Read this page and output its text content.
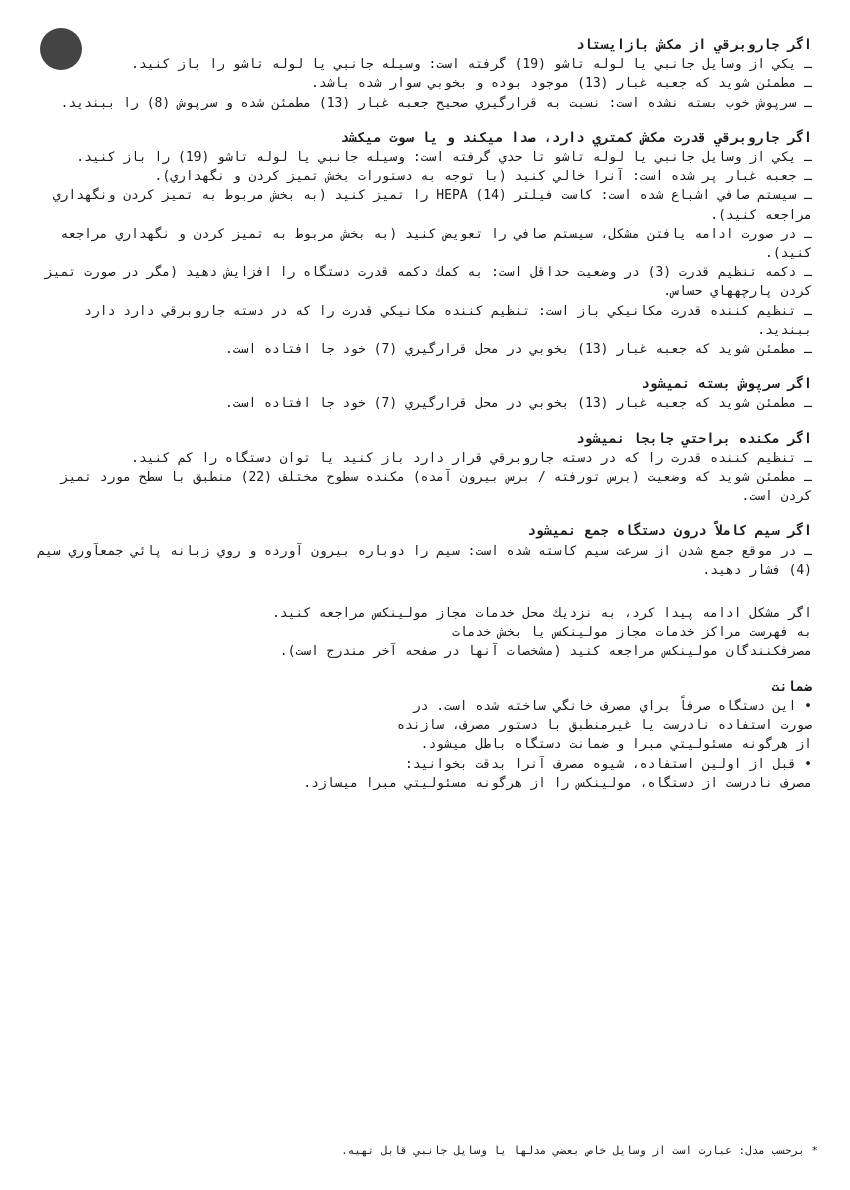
اگر جاروبرقي از مكش بازايستاد

ـ يكي از وسايل جانبي يا لوله تاشو (19) گرفته است: وسيله جانبي يا لوله تاشو را باز كنيد.

ـ مطمئن شويد كه جعبه غبار (13) موجود بوده و بخوبي سوار شده باشد.

ـ سرپوش خوب بسته نشده است: نسبت به قرارگيري صحيح جعبه غبار (13) مطمئن شده و سرپوش (8) را ببنديد.

اگر جاروبرقي قدرت مكش كمتري دارد، صدا ميكند و يا سوت ميكشد

ـ يكي از وسايل جانبي يا لوله تاشو تا حدي گرفته است: وسيله جانبي يا لوله تاشو (19) را باز كنيد.

ـ جعبه غبار پر شده است: آنرا خالي كنيد (با توجه به دستورات بخش تميز كردن و نگهداري).

ـ سيستم صافي اشباع شده است: كاست فيلتر HEPA (14) را تميز كنيد (به بخش مربوط به تميز كردن ونگهداري مراجعه كنيد).

ـ در صورت ادامه يافتن مشكل، سيستم صافي را تعويض كنيد (به بخش مربوط به تميز كردن و نگهداري مراجعه كنيد).

ـ دكمه تنظيم قدرت (3) در وضعيت حداقل است: به كمك دكمه قدرت دستگاه را افزايش دهيد (مگر در صورت تميز كردن پارچههاي حساس.

ـ تنظيم كننده قدرت مكانيكي باز است: تنظيم كننده مكانيكي قدرت را كه در دسته جاروبرقي دارد دارد ببنديد.

ـ مطمئن شويد كه جعبه غبار (13) بخوبي در محل قرارگيري (7) خود جا افتاده است.

اگر سرپوش بسته نميشود

ـ مطمئن شويد كه جعبه غبار (13) بخوبي در محل قرارگيري (7) خود جا افتاده است.

اگر مكنده براحتي جابجا نميشود

ـ تنظيم كننده قدرت را كه در دسته جاروبرقي قرار دارد باز كنيد يا توان دستگاه را كم كنيد.

ـ مطمئن شويد كه وضعيت (برس تورفته / برس بيرون آمده) مكنده سطوح مختلف (22) منطبق با سطح مورد تميز كردن است.

اگر سيم كاملاً درون دستگاه جمع نميشود

ـ در موقع جمع شدن از سرعت سيم كاسته شده است: سيم را دوباره بيرون آورده و روي زبانه پائي جمعآوري سيم (4) فشار دهيد.

اگر مشكل ادامه پيدا كرد، به نزديك محل خدمات مجاز مولينكس مراجعه كنيد.

به فهرست مراكز خدمات مجاز مولينكس يا بخش خدمات

مصرفكنندگان مولينكس مراجعه كنيد (مشخصات آنها در صفحه آخر مندرج است).

ضمانت

• اين دستگاه صرفاً براي مصرف خانگي ساخته شده است. در

صورت استفاده نادرست يا غيرمنطبق با دستور مصرف، سازنده

از هرگونه مسئوليتي مبرا و ضمانت دستگاه باطل ميشود.

• قبل از اولين استفاده، شيوه مصرف آنرا بدقت بخوانيد:

مصرف نادرست از دستگاه، مولينكس را از هرگونه مسئوليتي مبرا ميسازد.

* برحسب مدل: عبارت است از وسايل خاص بعضي مدلها يا وسايل جانبي قابل تهيه.
